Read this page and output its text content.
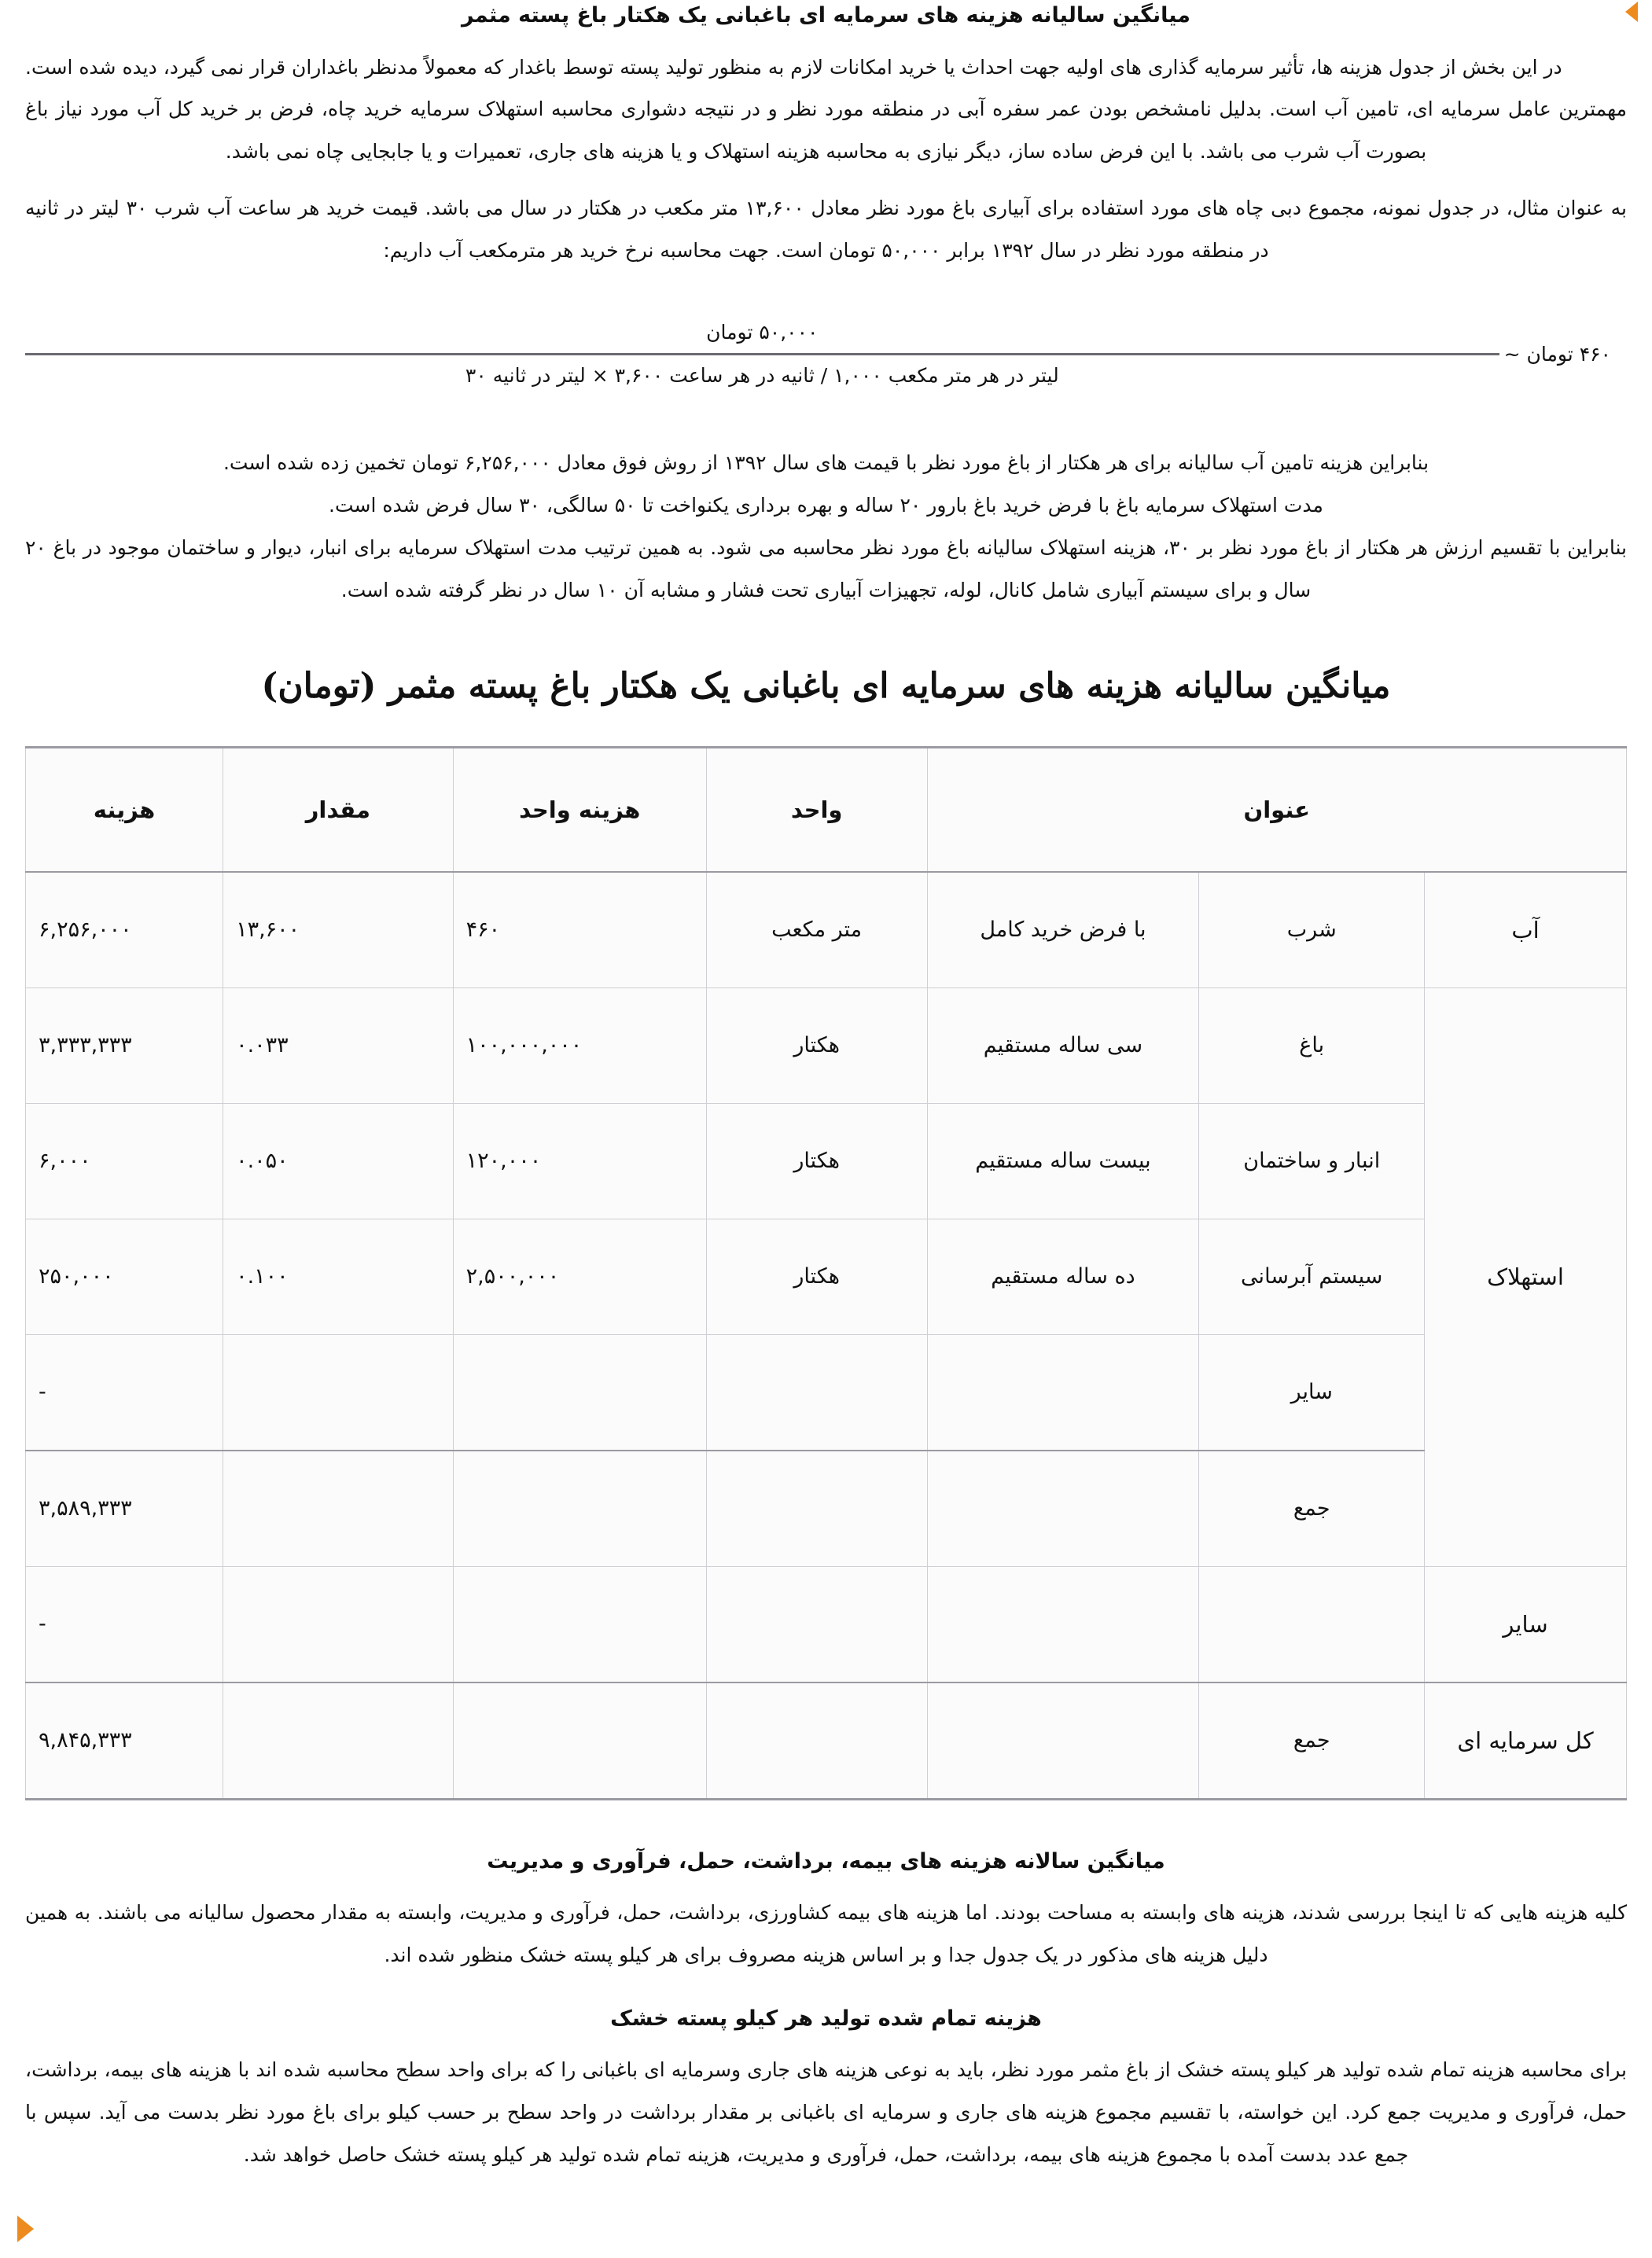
میانگین سالیانه هزینه های سرمایه ای باغبانی یک هکتار باغ پسته مثمر

در این بخش از جدول هزینه ها، تأثیر سرمایه گذاری های اولیه جهت احداث یا خرید امکانات لازم به منظور تولید پسته توسط باغدار که معمولاً مدنظر باغداران قرار نمی گیرد، دیده شده است.

مهمترین عامل سرمایه ای، تامین آب است. بدلیل نامشخص بودن عمر سفره آبی در منطقه مورد نظر و در نتیجه دشواری محاسبه استهلاک سرمایه خرید چاه، فرض بر خرید کل آب مورد نیاز باغ بصورت آب شرب می باشد. با این فرض ساده ساز، دیگر نیازی به محاسبه هزینه استهلاک و یا هزینه های جاری، تعمیرات و یا جابجایی چاه نمی باشد.

به عنوان مثال، در جدول نمونه، مجموع دبی چاه های مورد استفاده برای آبیاری باغ مورد نظر معادل ۱۳,۶۰۰ متر مکعب در هکتار در سال می باشد. قیمت خرید هر ساعت آب شرب ۳۰ لیتر در ثانیه در منطقه مورد نظر در سال ۱۳۹۲ برابر ۵۰,۰۰۰ تومان است. جهت محاسبه نرخ خرید هر مترمکعب آب داریم:

۵۰,۰۰۰ تومان
لیتر در هر متر مکعب ۱,۰۰۰ / ثانیه در هر ساعت ۳,۶۰۰ × لیتر در ثانیه ۳۰
۴۶۰ تومان ~

بنابراین هزینه تامین آب سالیانه برای هر هکتار از باغ مورد نظر با قیمت های سال ۱۳۹۲ از روش فوق معادل ۶,۲۵۶,۰۰۰ تومان تخمین زده شده است.

مدت استهلاک سرمایه باغ با فرض خرید باغ بارور ۲۰ ساله و بهره برداری یکنواخت تا ۵۰ سالگی، ۳۰ سال فرض شده است.

بنابراین با تقسیم ارزش هر هکتار از باغ مورد نظر بر ۳۰، هزینه استهلاک سالیانه باغ مورد نظر محاسبه می شود. به همین ترتیب مدت استهلاک سرمایه برای انبار، دیوار و ساختمان موجود در باغ ۲۰ سال و برای سیستم آبیاری شامل کانال، لوله، تجهیزات آبیاری تحت فشار و مشابه آن ۱۰ سال در نظر گرفته شده است.

میانگین سالیانه هزینه های سرمایه ای باغبانی یک هکتار باغ پسته مثمر (تومان)
عنوان			واحد	هزینه واحد	مقدار	هزینه
آب	شرب	با فرض خرید کامل	متر مکعب	۴۶۰	۱۳,۶۰۰	۶,۲۵۶,۰۰۰
استهلاک	باغ	سی ساله مستقیم	هکتار	۱۰۰,۰۰۰,۰۰۰	۰.۰۳۳	۳,۳۳۳,۳۳۳
	انبار و ساختمان	بیست ساله مستقیم	هکتار	۱۲۰,۰۰۰	۰.۰۵۰	۶,۰۰۰
	سیستم آبرسانی	ده ساله مستقیم	هکتار	۲,۵۰۰,۰۰۰	۰.۱۰۰	۲۵۰,۰۰۰
	سایر					-
	جمع					۳,۵۸۹,۳۳۳
سایر						-
کل سرمایه ای	جمع					۹,۸۴۵,۳۳۳
میانگین سالانه هزینه های بیمه، برداشت، حمل، فرآوری و مدیریت

کلیه هزینه هایی که تا اینجا بررسی شدند، هزینه های وابسته به مساحت بودند. اما هزینه های بیمه کشاورزی، برداشت، حمل، فرآوری و مدیریت، وابسته به مقدار محصول سالیانه می باشند. به همین دلیل هزینه های مذکور در یک جدول جدا و بر اساس هزینه مصروف برای هر کیلو پسته خشک منظور شده اند.

هزینه تمام شده تولید هر کیلو پسته خشک

برای محاسبه هزینه تمام شده تولید هر کیلو پسته خشک از باغ مثمر مورد نظر، باید به نوعی هزینه های جاری وسرمایه ای باغبانی را که برای واحد سطح محاسبه شده اند با هزینه های بیمه، برداشت، حمل، فرآوری و مدیریت جمع کرد. این خواسته، با تقسیم مجموع هزینه های جاری و سرمایه ای باغبانی بر مقدار برداشت در واحد سطح بر حسب کیلو برای باغ مورد نظر بدست می آید. سپس با جمع عدد بدست آمده با مجموع هزینه های بیمه، برداشت، حمل، فرآوری و مدیریت، هزینه تمام شده تولید هر کیلو پسته خشک حاصل خواهد شد.
